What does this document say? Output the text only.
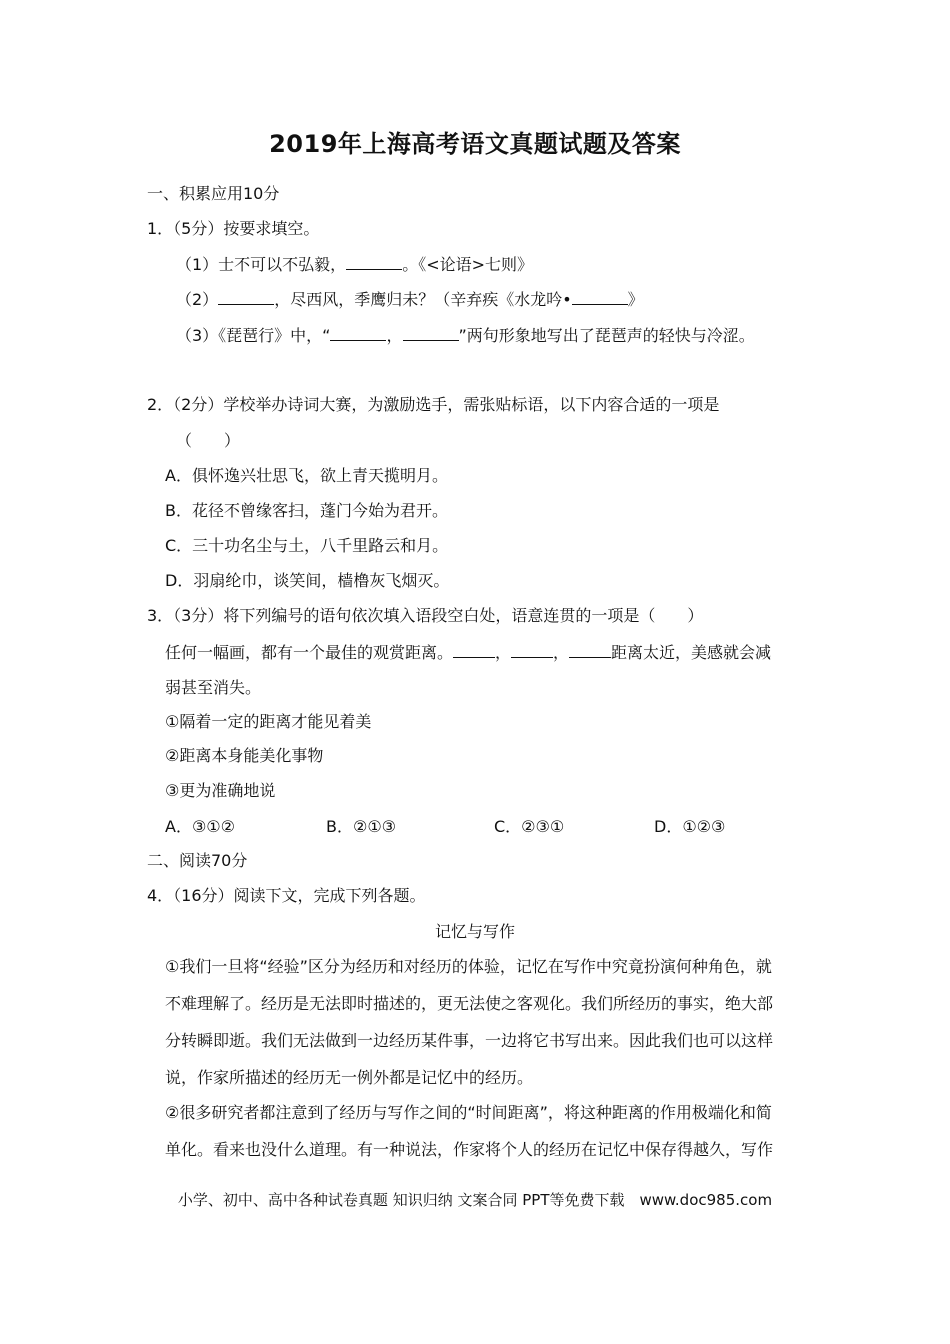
2019年上海高考语文真题试题及答案
一、积累应用10分
1．（5分）按要求填空。
（1）士不可以不弘毅，	。《<论语>七则》
（2）	，尽西风，季鹰归未？（辛弃疾《水龙吟•	》
（3）《琵琶行》中，“	，	”两句形象地写出了琵琶声的轻快与冷涩。
2．（2分）学校举办诗词大赛，为激励选手，需张贴标语，以下内容合适的一项是
（　　）
A．俱怀逸兴壮思飞，欲上青天揽明月。
B．花径不曾缘客扫，蓬门今始为君开。
C．三十功名尘与土，八千里路云和月。
D．羽扇纶巾，谈笑间，樯橹灰飞烟灭。
3．（3分）将下列编号的语句依次填入语段空白处，语意连贯的一项是（　　）
任何一幅画，都有一个最佳的观赏距离。	，	，	距离太近，美感就会减
弱甚至消失。
①隔着一定的距离才能见着美
②距离本身能美化事物
③更为准确地说
A．③①②	B．②①③	C．②③①	D．①②③
二、阅读70分
4．（16分）阅读下文，完成下列各题。
记忆与写作
①我们一旦将“经验”区分为经历和对经历的体验，记忆在写作中究竟扮演何种角色，就
不难理解了。经历是无法即时描述的，更无法使之客观化。我们所经历的事实，绝大部
分转瞬即逝。我们无法做到一边经历某件事，一边将它书写出来。因此我们也可以这样
说，作家所描述的经历无一例外都是记忆中的经历。
②很多研究者都注意到了经历与写作之间的“时间距离”，将这种距离的作用极端化和简
单化。看来也没什么道理。有一种说法，作家将个人的经历在记忆中保存得越久，写作
小学、初中、高中各种试卷真题 知识归纳 文案合同 PPT等免费下载　www.doc985.com
